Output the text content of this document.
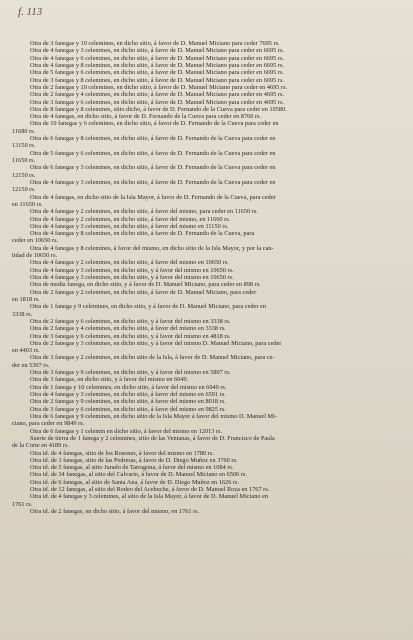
f. 113
Otra de 3 fanegas y 10 celemines, en dicho sitio, á favor de D. Manuel Miciano para ceder 7695 rs.
Otra de 4 fanegas y 3 celemines, en dicho sitio, á favor de D. Manuel Miciano para ceder en 6695 rs.
Otra de 4 fanegas y 6 celemines, en dicho sitio, á favor de D. Manuel Miciano para ceder en 6695 rs.
Otra de 4 fanegas y 8 celemines, en dicho sitio, á favor de D. Manuel Miciano para ceder en 6695 rs.
Otra de 5 fanegas y 6 celemines, en dicho sitio, á favor de D. Manuel Miciano para ceder en 6695 rs.
Otra de 3 fanegas y 8 celemines, en dicho sitio, á favor de D. Manuel Miciano para ceder en 6695 rs.
Otra de 2 fanegas y 10 celemines, en dicho sitio, á favor de D. Manuel Miciano para ceder en 4695 rs.
Otra de 2 fanegas y 4 celemines, en dicho sitio, á favor de D. Manuel Miciano para ceder en 4695 rs.
Otra de 3 fanegas y 6 celemines, en dicho sitio, á favor de D. Manuel Miciano para ceder en 4695 rs.
Otra de 8 fanegas y 8 celemines, sitio dicho, á favor de D. Fernando de la Cueva para ceder en 10580.
Otra de 4 fanegas, en dicho sitio, á favor de D. Fernando de la Cueva para ceder en 8760 rs.
Otra de 10 fanegas y 6 celemines, en dicho sitio, á favor de D. Fernando de la Cueva para ceder en
11680 rs.
Otra de 6 fanegas y 8 celemines, en dicho sitio, á favor de D. Fernando de la Cueva para ceder en
13150 rs.
Otra de 5 fanegas y 6 celemines, en dicho sitio, á favor de D. Fernando de la Cueva para ceder en
11650 rs.
Otra de 6 fanegas y 3 celemines, en dicho sitio, á favor de D. Fernando de la Cueva para ceder en
12150 rs.
Otra de 4 fanegas y 3 celemines, en dicho sitio, á favor de D. Fernando de la Cueva para ceder en
12150 rs.
Otra de 4 fanegas, en dicho sitio de la Isla Mayor, á favor de D. Fernando de la Cueva, para ceder
en 11650 rs.
Otra de 4 fanegas y 2 celemines, en dicho sitio, á favor del mismo, para ceder en 11650 rs.
Otra de 4 fanegas y 2 celemines, en dicho sitio, á favor del mismo, en 11660 rs.
Otra de 4 fanegas y 3 celemines, en dicho sitio, á favor del mismo en 11150 rs.
Otra de 4 fanegas y 8 celemines, en dicho sitio, á favor de D. Fernando de la Cueva, para
ceder en 10650 rs.
Otra de 4 fanegas y 8 celemines, á favor del mismo, en dicho sitio de la Isla Mayor, y por la can-
tidad de 10650 rs.
Otra de 4 fanegas y 2 celemines, en dicho sitio, á favor del mismo en 10650 rs.
Otra de 4 fanegas y 3 celemines, en dicho sitio, y á favor del mismo en 10650 rs.
Otra de 4 fanegas y 3 celemines, en dicho sitio, y á favor del mismo en 10650 rs.
Otra de media fanega, en dicho sitio, y á favor de D. Manuel Miciano, para ceder en 898 rs.
Otra de 2 fanegas y 2 celemines, en dicho sitio, á favor de D. Manuel Miciano, para ceder
en 1818 rs.
Otra de 1 fanega y 9 celemines, en dicho sitio, y á favor de D. Manuel Miciano, para ceder en
3338 rs.
Otra de 2 fanegas y 6 celemines, en dicho sitio, y á favor del mismo en 3338 rs.
Otra de 2 fanegas y 4 celemines, en dicho sitio, á favor del mismo en 3338 rs.
Otra de 3 fanegas y 6 celemines, en dicho sitio, y á favor del mismo en 4818 rs.
Otra de 2 fanegas y 3 celemines, en dicho sitio, y á favor del mismo D. Manuel Miciano, para ceder
en 4403 rs.
Otra de 3 fanegas y 2 celemines, en dicho sitio de la Isla, á favor de D. Manuel Miciano, para ce-
der en 5307 rs.
Otra de 3 fanegas y 9 celemines, en dicho sitio, y á favor del mismo en 5807 rs.
Otra de 3 fanegas, en dicho sitio, y á favor del mismo en 6049.
Otra de 1 fanega y 10 celemines, en dicho sitio, á favor del mismo en 6049 rs.
Otra de 4 fanegas y 3 celemines, en dicho sitio, á favor del mismo en 6591 rs.
Otra de 2 fanegas y 9 celemines, en dicho sitio, á favor del mismo en 8018 rs.
Otra de 3 fanegas y 6 celemines, en dicho sitio, á favor del mismo en 9825 rs.
Otra de 6 fanegas y 9 celemines, en dicho sitio de la Isla Mayor á favor del mismo D. Manuel Mi-
ciano, para ceder en 9849 rs.
Otra de 6 fanegas y 1 celemin en dicho sitio, á favor del mismo en 12013 rs.
Suerte de tierra de 1 fanega y 2 celemines, sitio de las Ventanas, á favor de D. Francisco de Paula
de la Corte en 4189 rs.
Otra id. de 4 fanegas, sitio de los Rosones, á favor del mismo en 1780 rs.
Otra id. de 3 fanegas, sitio de las Pedreras, á favor de D. Diego Muñoz en 3760 rs.
Otra id. de 5 fanegas, al sitio Jurado de Tarragona, á favor del mismo en 1084 rs.
Otra id. de 34 fanegas, al sitio del Calvario, á favor de D. Manuel Miciano en 6506 rs.
Otra id. de 6 fanegas, al sitio de Santa Ana, á favor de D. Diego Muñoz en 1626 rs.
Otra id. de 12 fanegas, al sitio del Rodeo del Acebuche, á favor de D. Manuel Roza en 1767 rs.
Otra id. de 4 fanegas y 3 celemines, al sitio de la Isla Mayor, á favor de D. Manuel Miciano en
1761 rs.
Otra id. de 2 fanegas, en dicho sitio, á favor del mismo, en 1761 rs.
